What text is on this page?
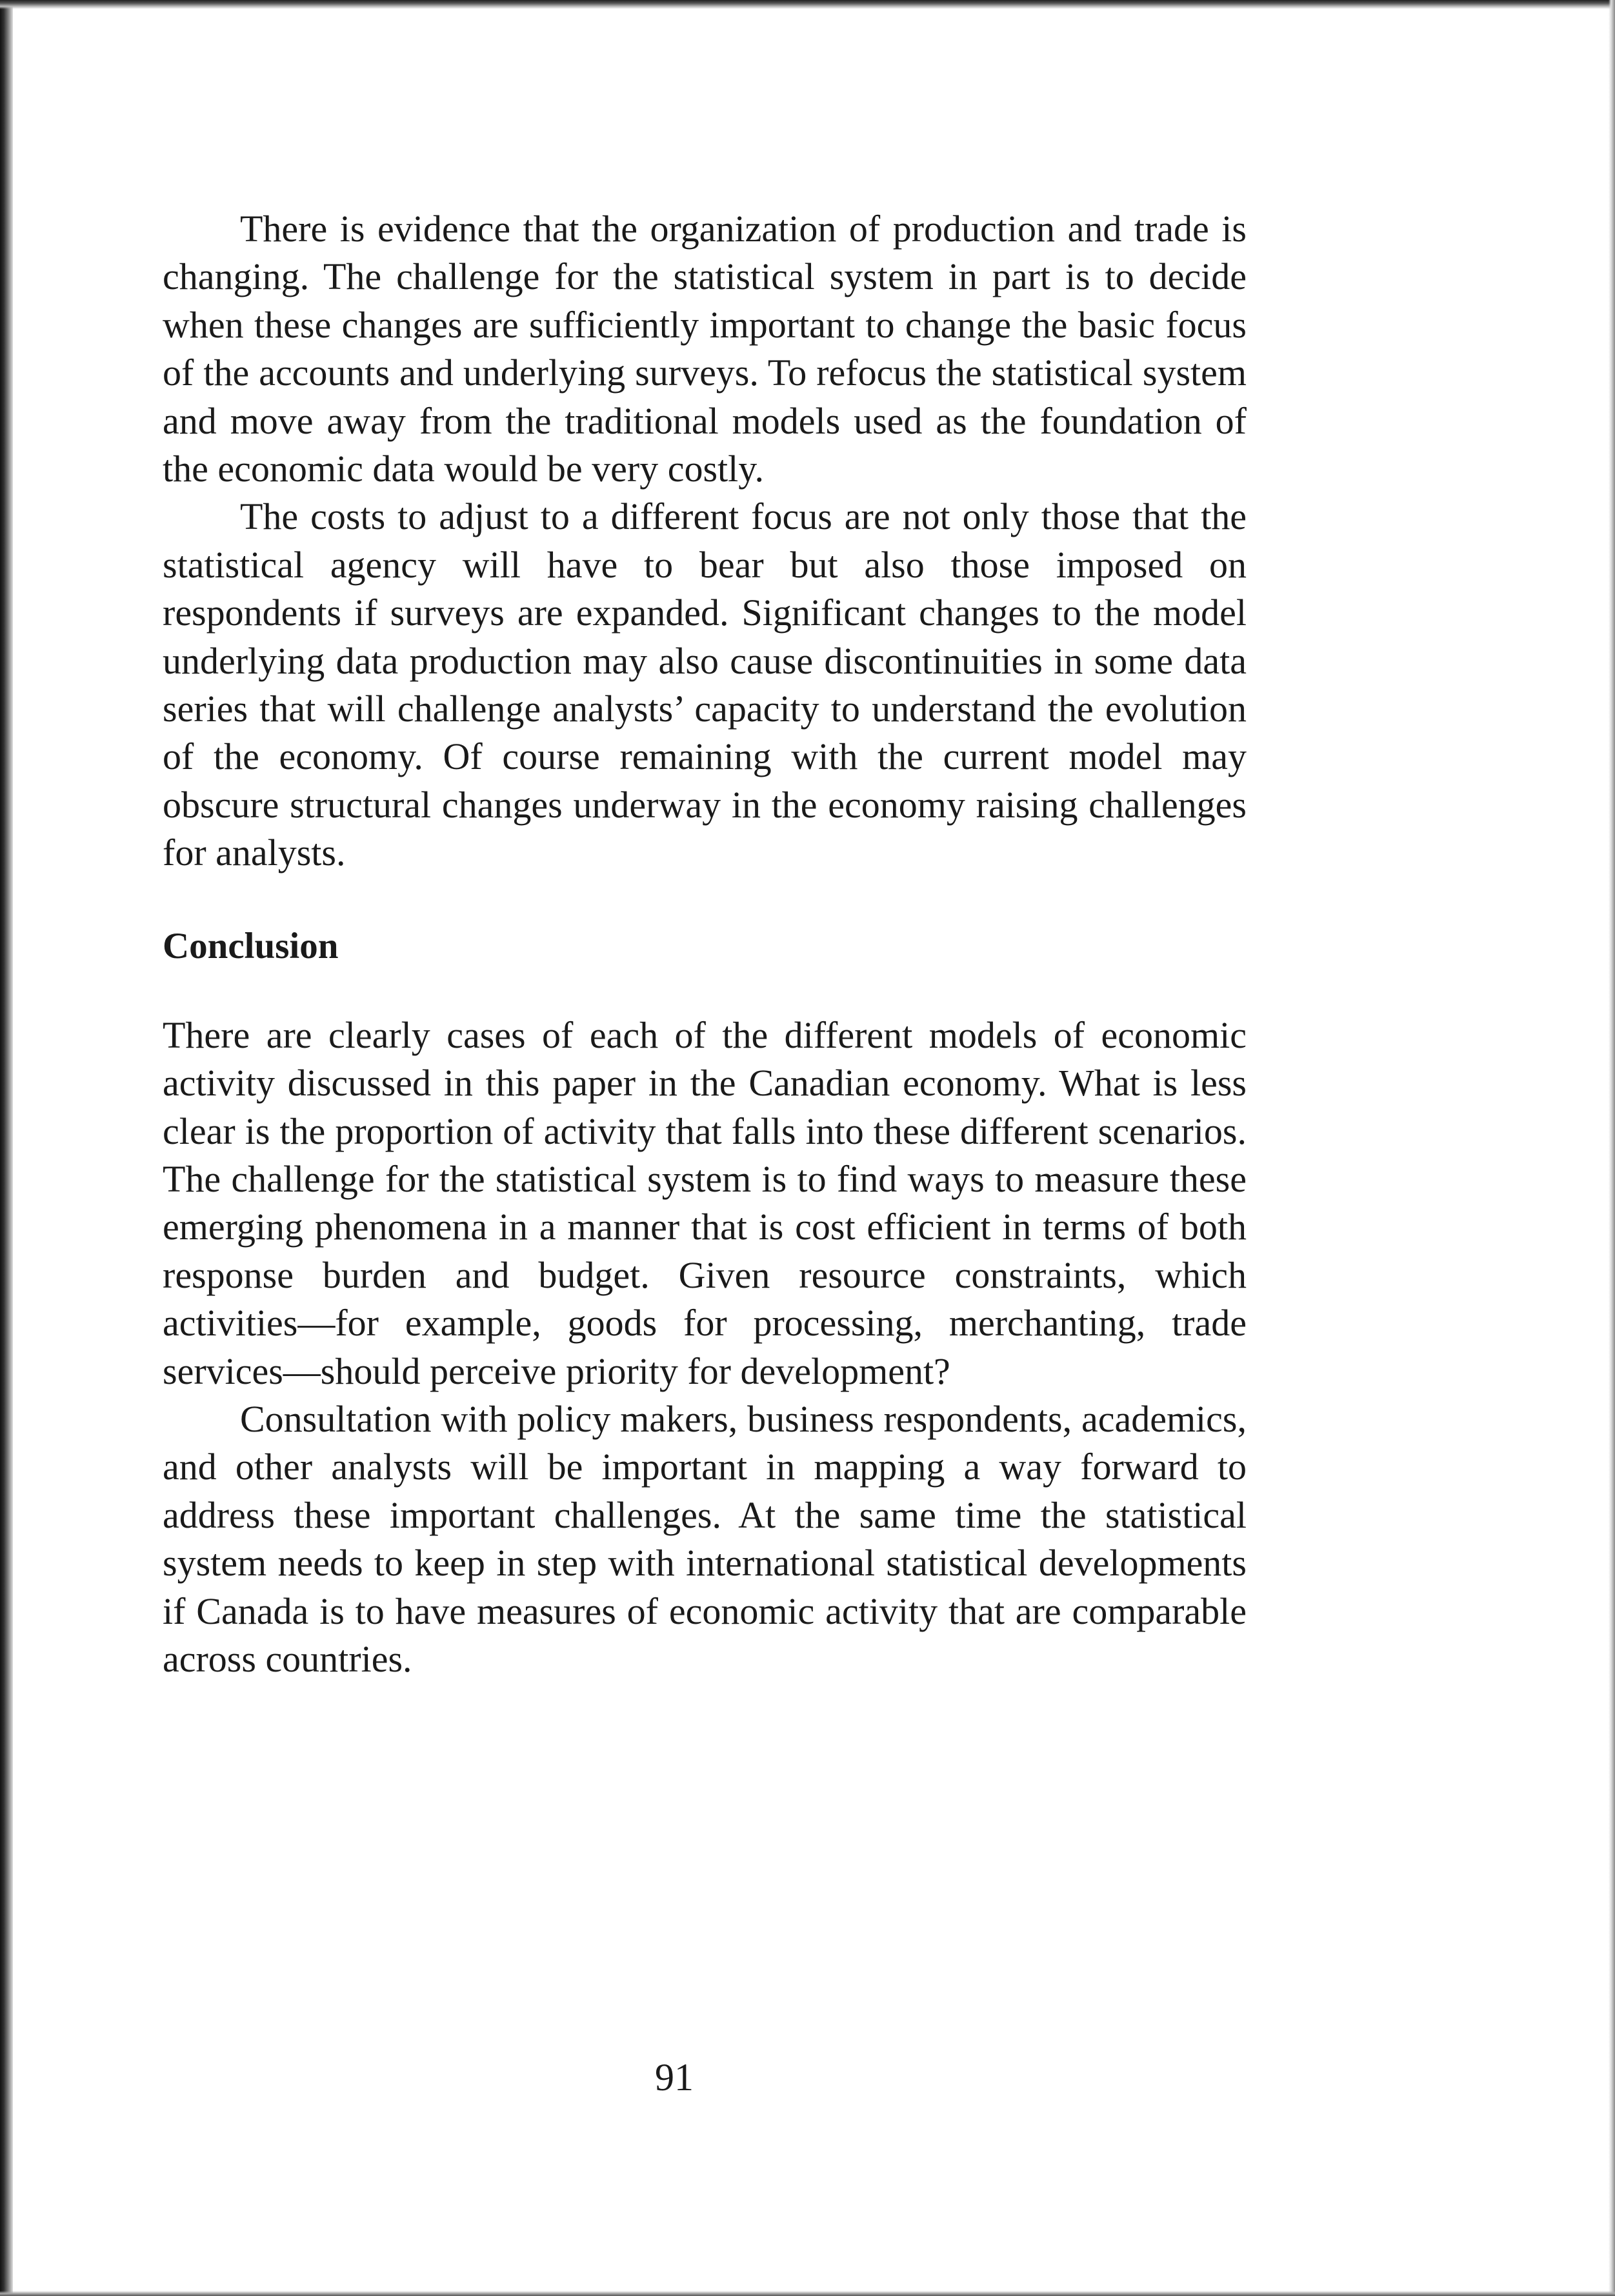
There is evidence that the organization of production and trade is changing. The challenge for the statistical system in part is to decide when these changes are sufficiently important to change the basic focus of the accounts and underlying surveys. To refocus the statistical system and move away from the traditional models used as the foundation of the economic data would be very costly.

The costs to adjust to a different focus are not only those that the statistical agency will have to bear but also those imposed on respondents if surveys are expanded. Significant changes to the model underlying data production may also cause discontinuities in some data series that will challenge analysts’ capacity to understand the evolution of the economy. Of course remaining with the current model may obscure structural changes underway in the economy raising challenges for analysts.

Conclusion

There are clearly cases of each of the different models of economic activity discussed in this paper in the Canadian economy. What is less clear is the proportion of activity that falls into these different scenarios. The challenge for the statistical system is to find ways to measure these emerging phenomena in a manner that is cost efficient in terms of both response burden and budget. Given resource constraints, which activities—for example, goods for processing, merchanting, trade services—should perceive priority for development?

Consultation with policy makers, business respondents, academics, and other analysts will be important in mapping a way forward to address these important challenges. At the same time the statistical system needs to keep in step with international statistical developments if Canada is to have measures of economic activity that are comparable across countries.

91
